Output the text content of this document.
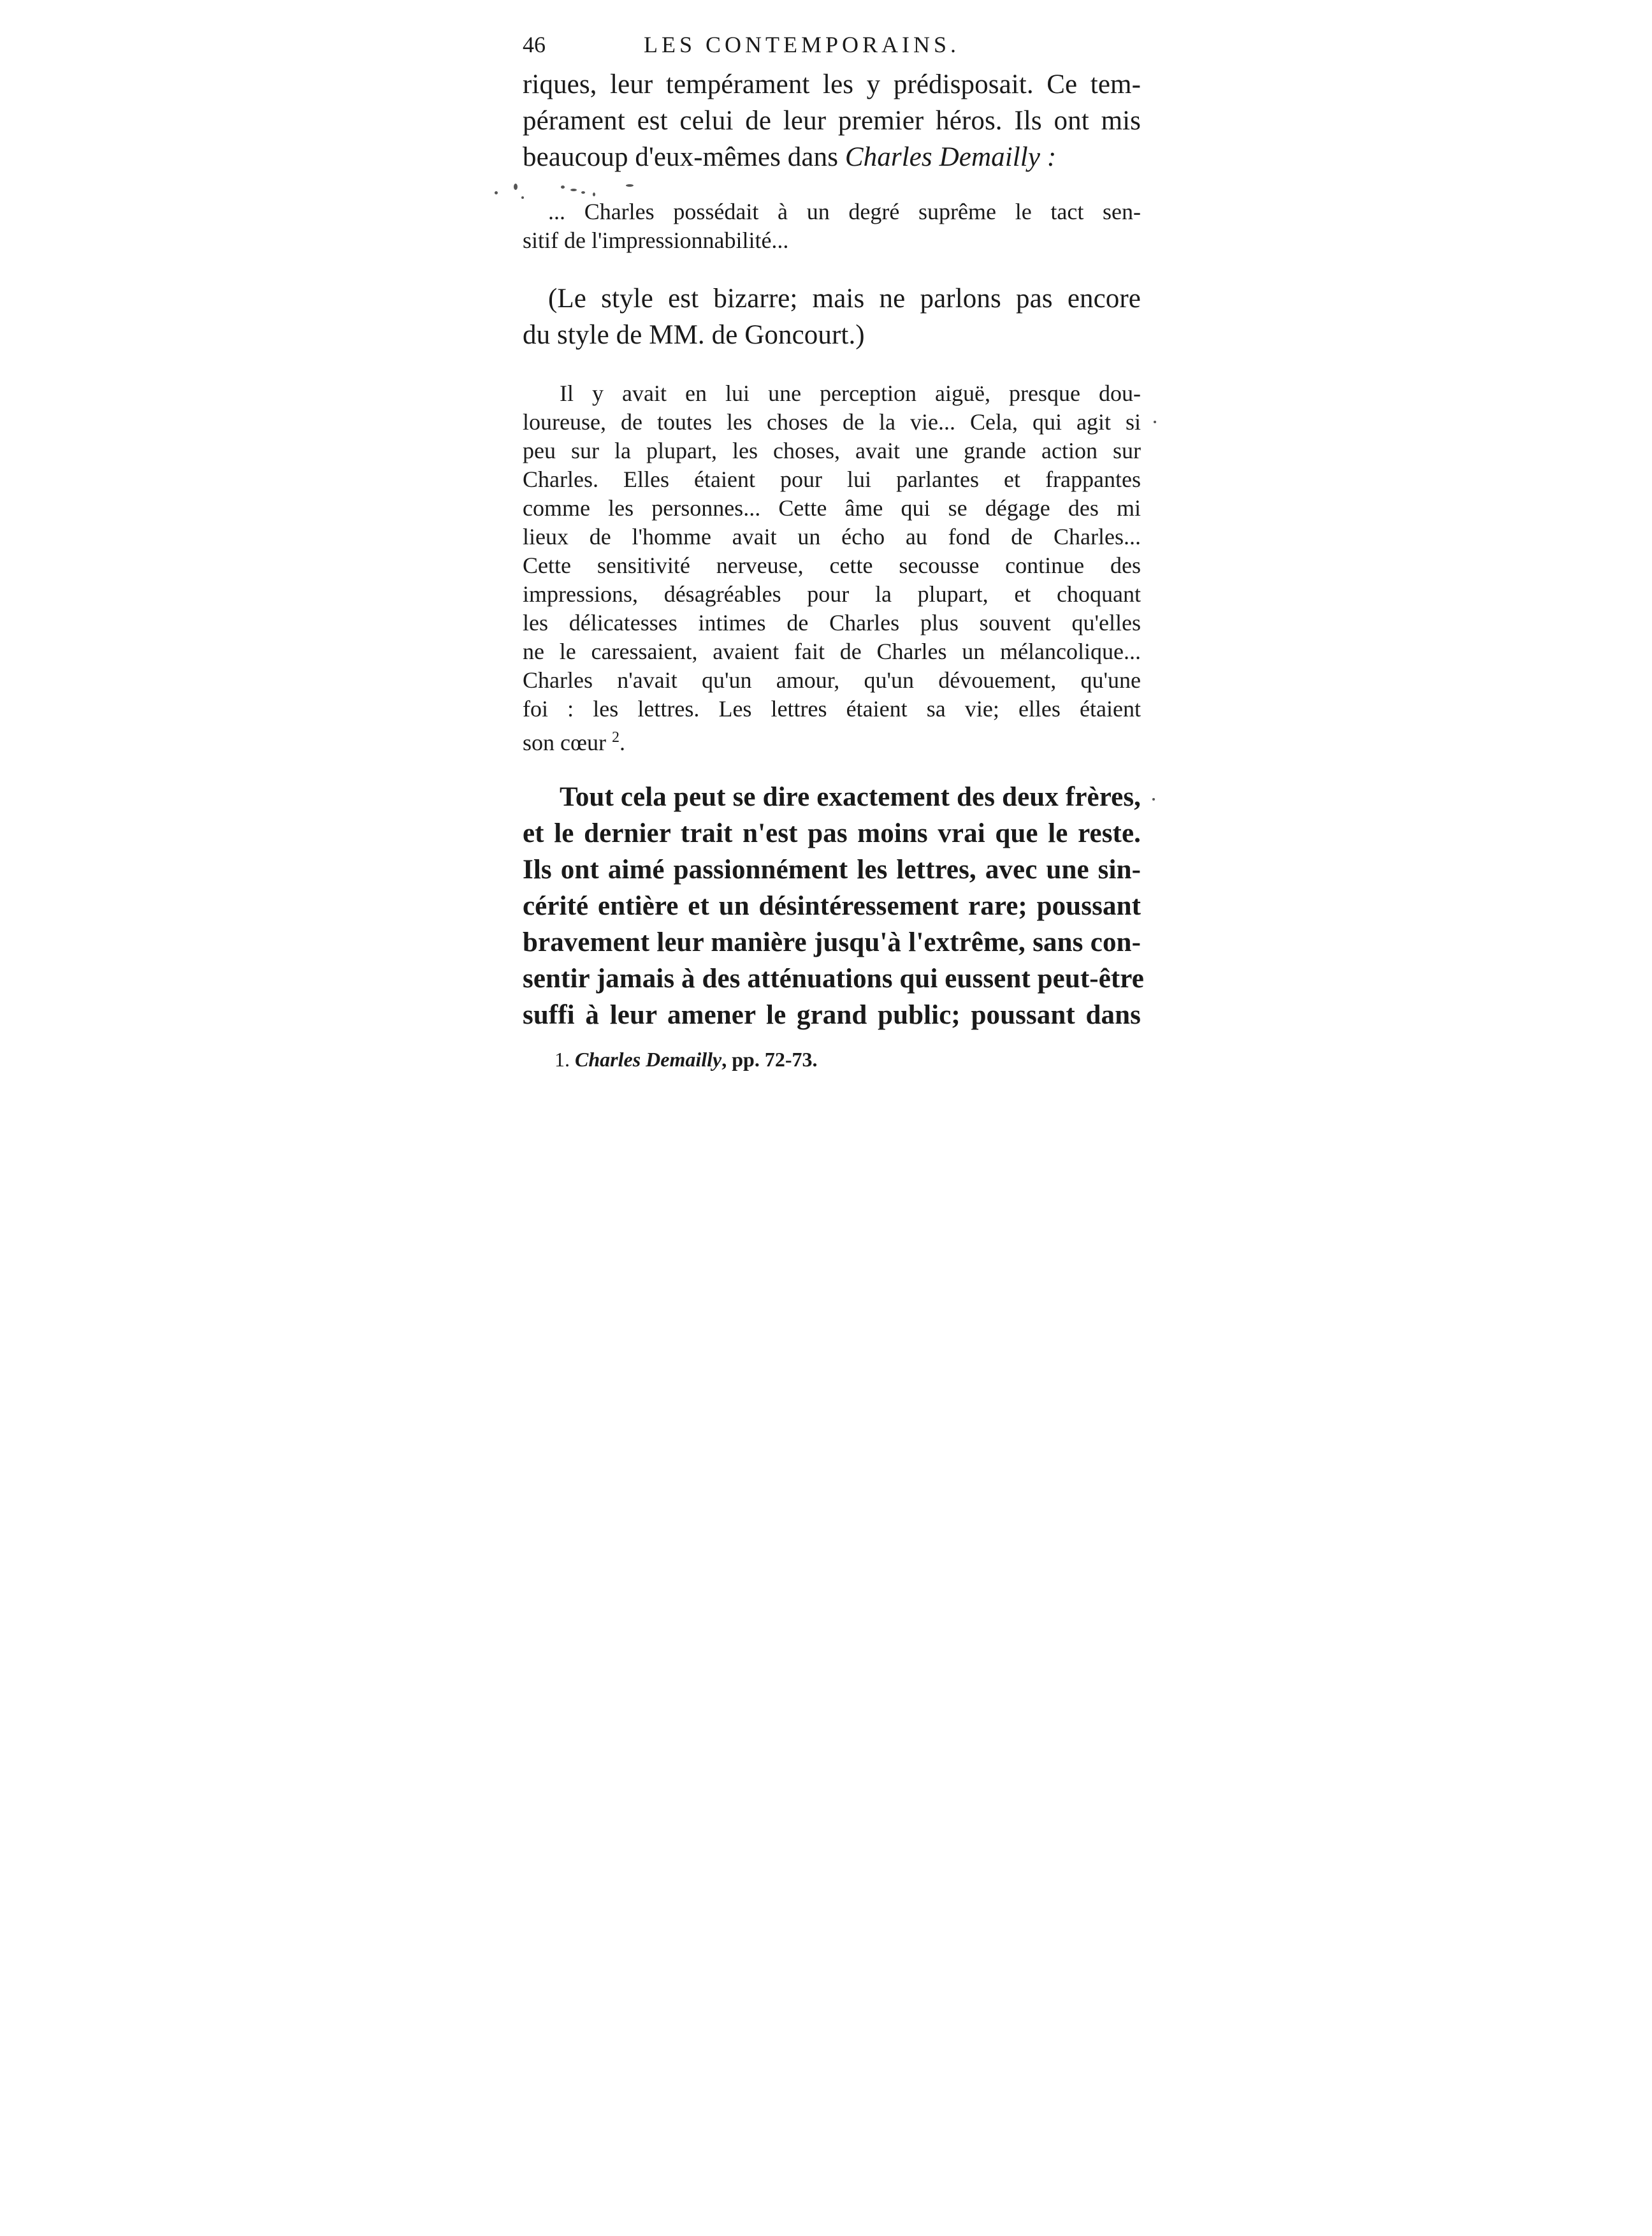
46	LES CONTEMPORAINS.
riques, leur tempérament les y prédisposait. Ce tem-
pérament est celui de leur premier héros. Ils ont mis
beaucoup d'eux-mêmes dans Charles Demailly :
... Charles possédait à un degré suprême le tact sen-
sitif de l'impressionnabilité...
(Le style est bizarre; mais ne parlons pas encore
du style de MM. de Goncourt.)
Il y avait en lui une perception aiguë, presque dou-
loureuse, de toutes les choses de la vie... Cela, qui agit si
peu sur la plupart, les choses, avait une grande action sur
Charles. Elles étaient pour lui parlantes et frappantes
comme les personnes... Cette âme qui se dégage des mi
lieux de l'homme avait un écho au fond de Charles...
Cette sensitivité nerveuse, cette secousse continue des
impressions, désagréables pour la plupart, et choquant
les délicatesses intimes de Charles plus souvent qu'elles
ne le caressaient, avaient fait de Charles un mélancolique...
Charles n'avait qu'un amour, qu'un dévouement, qu'une
foi : les lettres. Les lettres étaient sa vie; elles étaient
son cœur $^2$.
Tout cela peut se dire exactement des deux frères,
et le dernier trait n'est pas moins vrai que le reste.
Ils ont aimé passionnément les lettres, avec une sin-
cérité entière et un désintéressement rare; poussant
bravement leur manière jusqu'à l'extrême, sans con-
sentir jamais à des atténuations qui eussent peut-être
suffi à leur amener le grand public; poussant dans
1. Charles Demailly, pp. 72-73.
